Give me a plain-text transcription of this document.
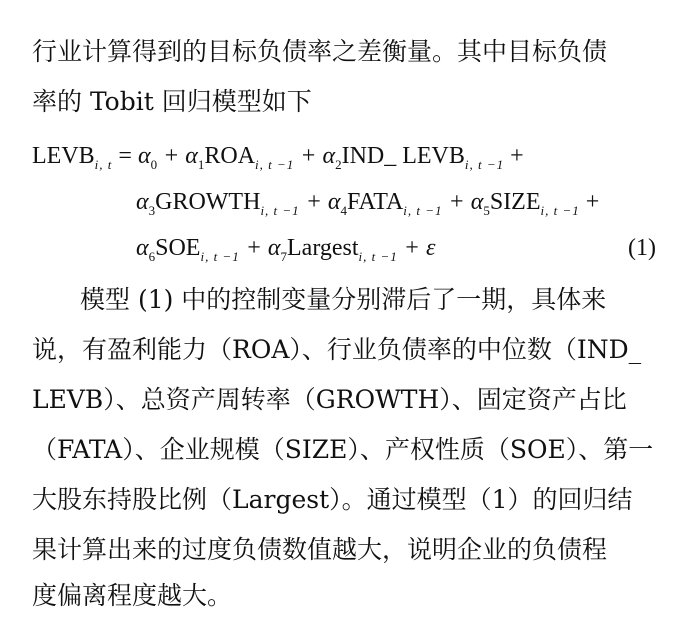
行业计算得到的目标负债率之差衡量。其中目标负债
率的 Tobit 回归模型如下
$LEVB_{i, t} = \alpha_0 + \alpha_1ROA_{i, t -1}$ + $\alpha_2IND\_$ $LEVB_{i, t -1}$ +
$\alpha_3GROWTH_{i, t -1}$ + $\alpha_4FATA_{i, t -1}$ + $\alpha_5SIZE_{i, t -1}$ +
$\alpha_6SOE_{i, t -1}$ + $\alpha_7Largest_{i, t -1} + \varepsilon$	(1)
模型 (1) 中的控制变量分别滞后了一期，具体来
说，有盈利能力（ROA）、行业负债率的中位数（IND_
LEVB）、总资产周转率（GROWTH）、固定资产占比
（FATA）、企业规模（SIZE）、产权性质（SOE）、第一
大股东持股比例（Largest）。通过模型（1）的回归结
果计算出来的过度负债数值越大，说明企业的负债程
度偏离程度越大。
